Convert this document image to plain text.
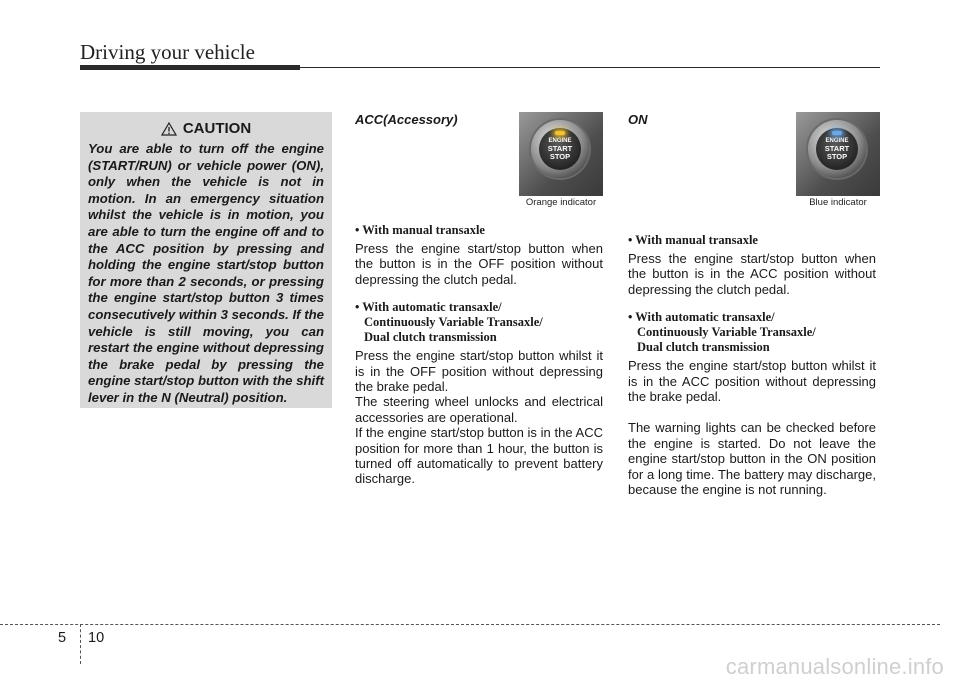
Driving your vehicle
CAUTION
You are able to turn off the engine (START/RUN) or vehicle power (ON), only when the vehicle is not in motion. In an emergency situation whilst the vehicle is in motion, you are able to turn the engine off and to the ACC position by pressing and holding the engine start/stop button for more than 2 seconds, or pressing the engine start/stop button 3 times consecutively within 3 seconds. If the vehicle is still moving, you can restart the engine without depressing the brake pedal by pressing the engine start/stop button with the shift lever in the N (Neutral) position.
ACC(Accessory)
ENGINE
START
STOP
Orange indicator
• With manual transaxle
Press the engine start/stop button when the button is in the OFF position without depressing the clutch pedal.
• With automatic transaxle/
Continuously Variable Transaxle/
Dual clutch transmission
Press the engine start/stop button whilst it is in the OFF position without depressing the brake pedal.
The steering wheel unlocks and electrical accessories are operational.
If the engine start/stop button is in the ACC position for more than 1 hour, the button is turned off automatically to prevent battery discharge.
ON
ENGINE
START
STOP
Blue indicator
• With manual transaxle
Press the engine start/stop button when the button is in the ACC position without depressing the clutch pedal.
• With automatic transaxle/
Continuously Variable Transaxle/
Dual clutch transmission
Press the engine start/stop button whilst it is in the ACC position without depressing the brake pedal.
The warning lights can be checked before the engine is started. Do not leave the engine start/stop button in the ON position for a long time. The battery may discharge, because the engine is not running.
5 10
carmanualsonline.info
